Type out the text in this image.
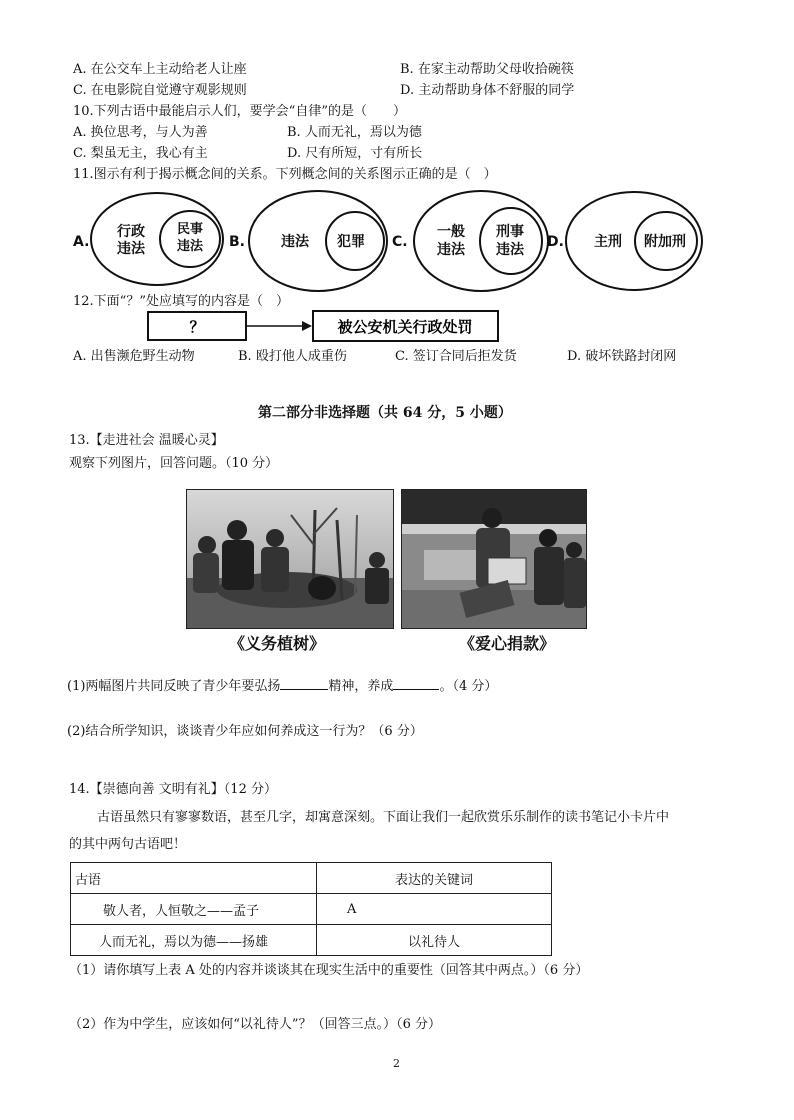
A. 在公交车上主动给老人让座	B. 在家主动帮助父母收拾碗筷
C. 在电影院自觉遵守观影规则	D. 主动帮助身体不舒服的同学
10.下列古语中最能启示人们，要学会“自律”的是（　　）
A. 换位思考，与人为善	B. 人而无礼，焉以为德
C. 梨虽无主，我心有主	D. 尺有所短，寸有所长
11.图示有利于揭示概念间的关系。下列概念间的关系图示正确的是（　）
A.
行政
违法
民事
违法 B.	违法 犯罪 C.
一般
违法
刑事
违法 D. 主刑 附加刑
12.下面“？”处应填写的内容是（　）
？	被公安机关行政处罚
A. 出售濒危野生动物	B. 殴打他人成重伤	C. 签订合同后拒发货	D. 破坏铁路封闭网
第二部分非选择题（共 64 分，5 小题）
13.【走进社会 温暖心灵】
观察下列图片，回答问题。（10 分）
《义务植树》	《爱心捐款》
(1)两幅图片共同反映了青少年要弘扬	精神，养成	。（4 分）
(2)结合所学知识，谈谈青少年应如何养成这一行为？（6 分）
14.【崇德向善 文明有礼】（12 分）
古语虽然只有寥寥数语，甚至几字，却寓意深刻。下面让我们一起欣赏乐乐制作的读书笔记小卡片中
的其中两句古语吧！
古语	表达的关键词
敬人者，人恒敬之——孟子	A
人而无礼，焉以为德——扬雄	以礼待人
（1）请你填写上表 A 处的内容并谈谈其在现实生活中的重要性（回答其中两点。）（6 分）
（2）作为中学生，应该如何“以礼待人”？（回答三点。）（6 分）
2
